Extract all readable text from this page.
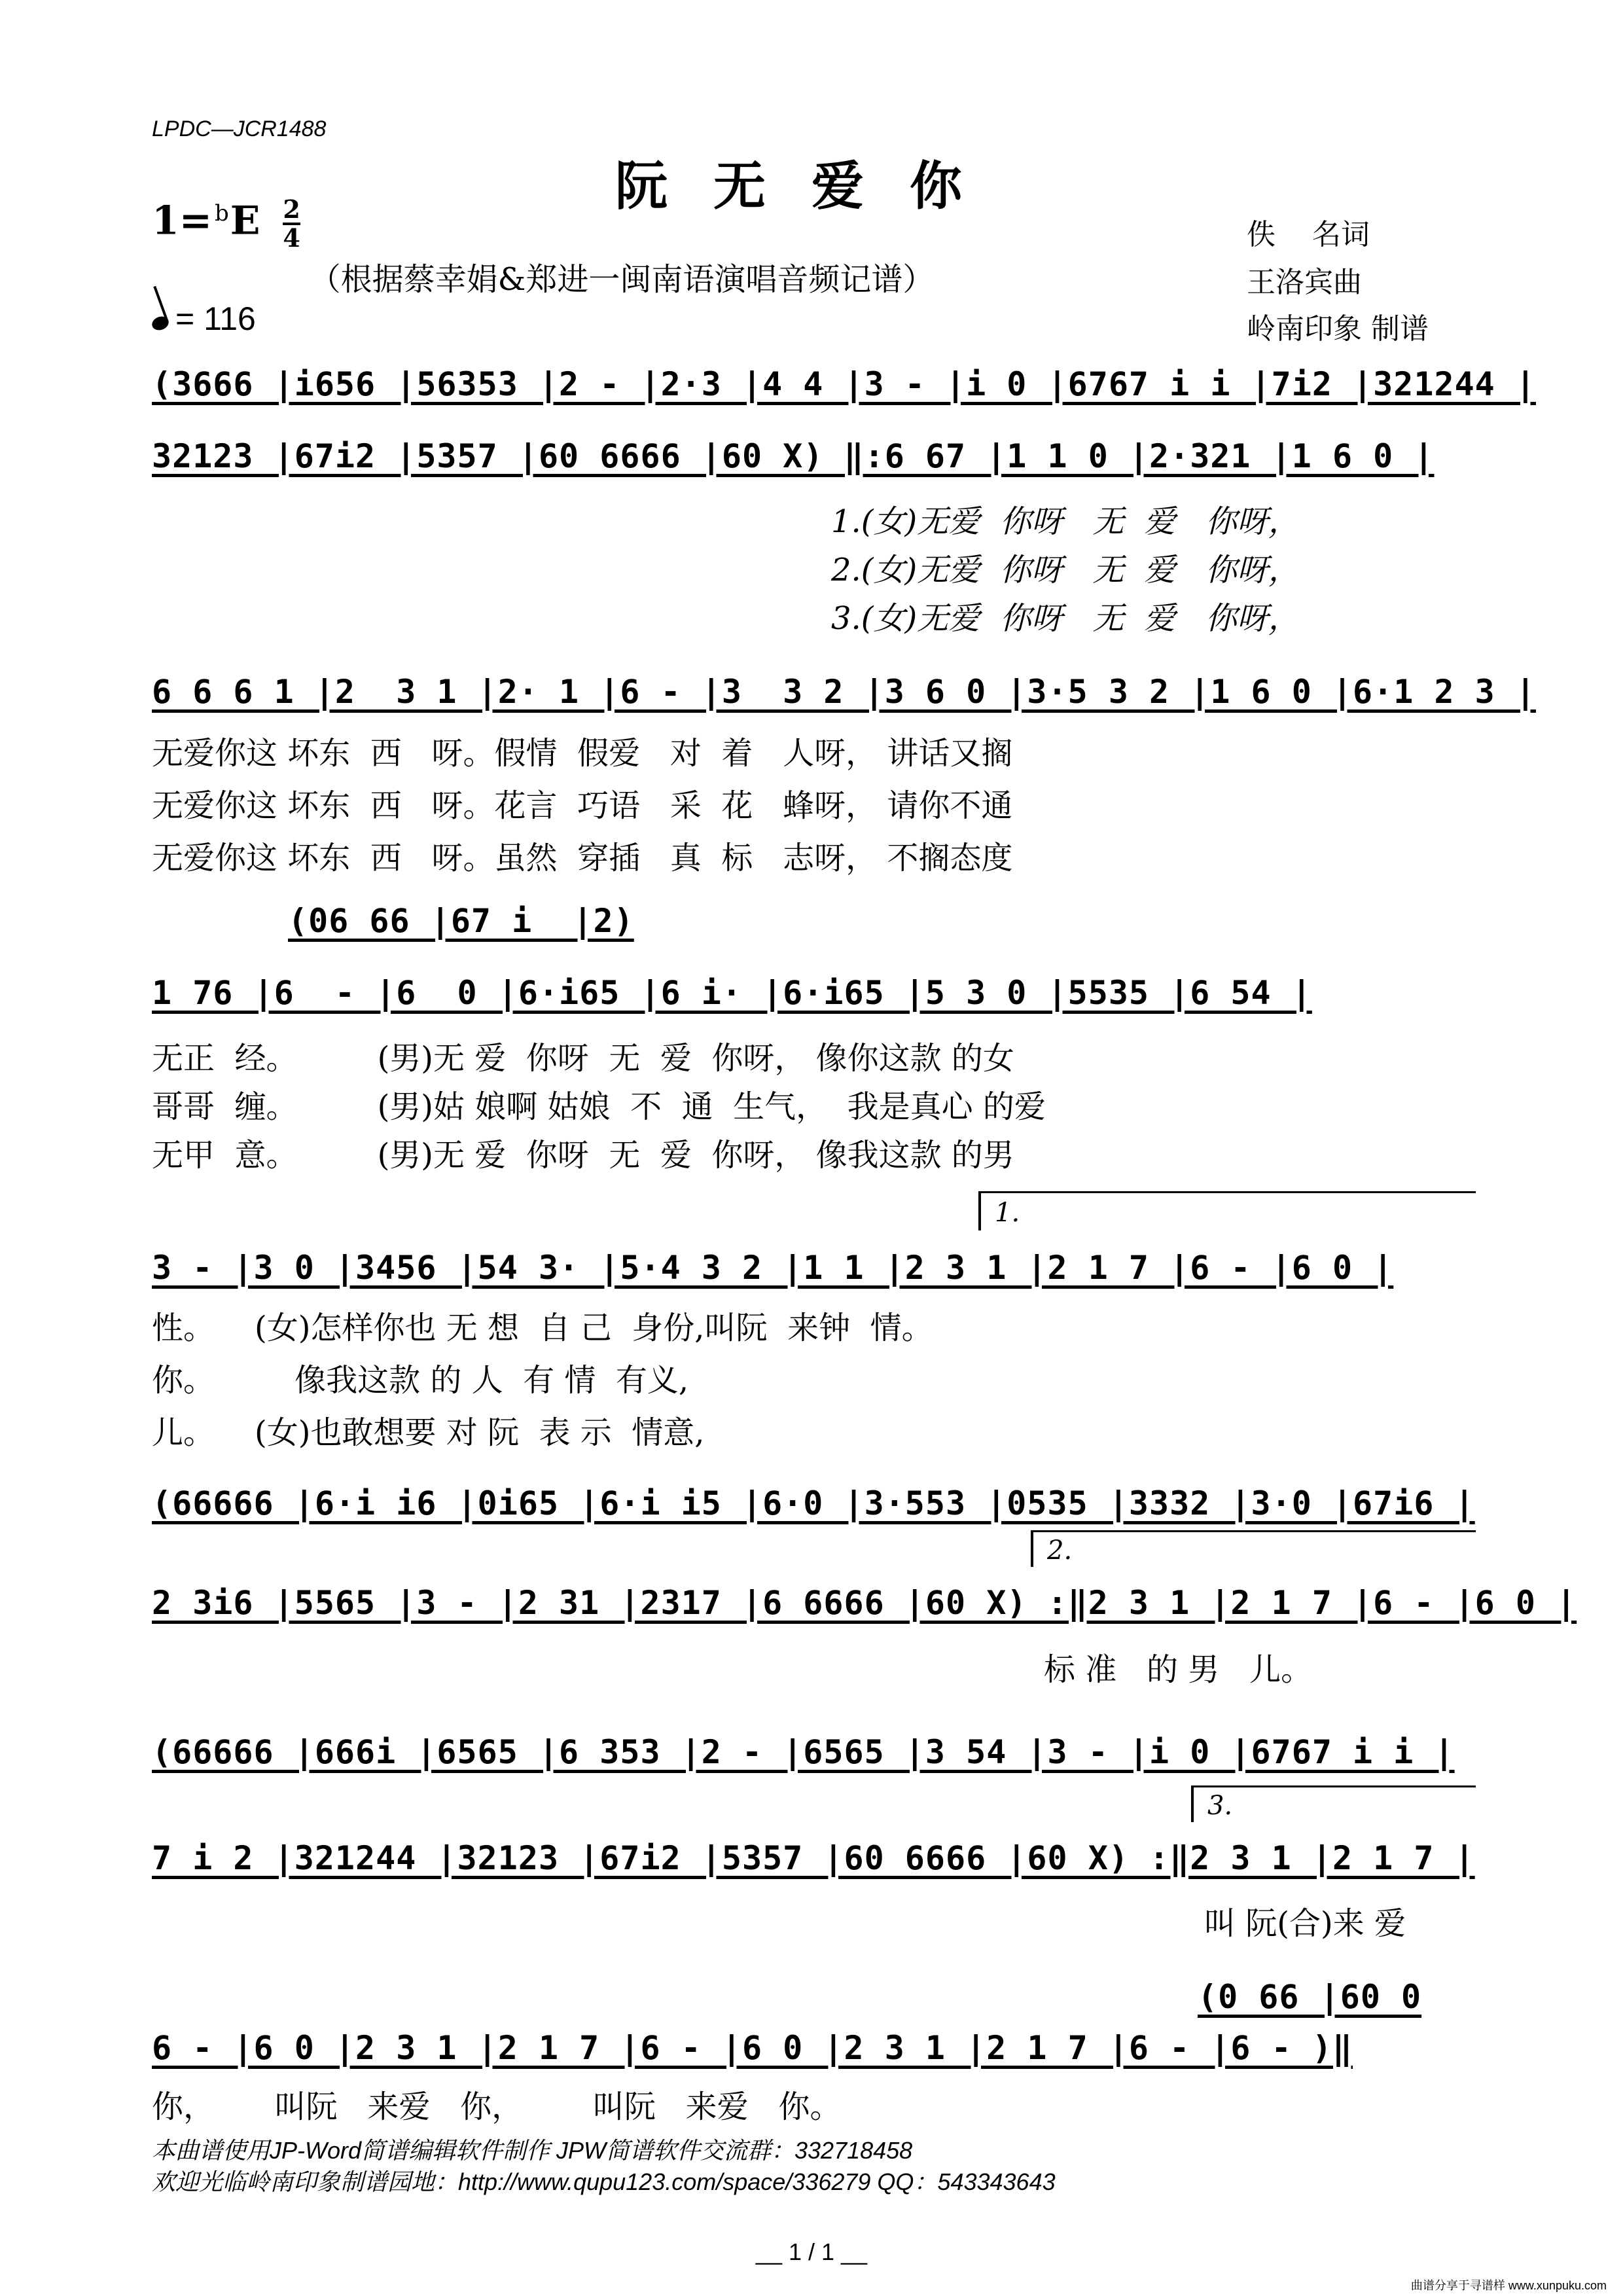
LPDC—JCR1488
阮无爱你
$1= ^bE \frac{2}{4}$
（根据蔡幸娟&郑进一闽南语演唱音频记谱）
佚    名词
王洛宾曲
岭南印象 制谱
= 116
(3666 |i656 |56353 |2 - |2·3 |4 4 |3 - |i 0 |6767 i i |7i2 |321244 |
32123 |67i2 |5357 |60 6666 |60 X) ‖:6 67 |1 1 0 |2·321 |1 6 0 |
1.(女)无爱  你呀   无  爱   你呀，
2.(女)无爱  你呀   无  爱   你呀，
3.(女)无爱  你呀   无  爱   你呀，
6 6 6 1 |2  3 1 |2· 1 |6 - |3  3 2 |3 6 0 |3·5 3 2 |1 6 0 |6·1 2 3 |
无爱你这 坏东  西   呀。假情  假爱   对  着   人呀， 讲话又搁
无爱你这 坏东  西   呀。花言  巧语   采  花   蜂呀， 请你不通
无爱你这 坏东  西   呀。虽然  穿插   真  标   志呀， 不搁态度
(06 66 |67 i  |2)
1 76 |6  - |6  0 |6·i65 |6 i· |6·i65 |5 3 0 |5535 |6 54 |
无正  经。        (男)无 爱  你呀  无  爱  你呀， 像你这款 的女
哥哥  缠。        (男)姑 娘啊 姑娘  不  通  生气，  我是真心 的爱
无甲  意。        (男)无 爱  你呀  无  爱  你呀， 像我这款 的男
1.
3 - |3 0 |3456 |54 3· |5·4 3 2 |1 1 |2 3 1 |2 1 7 |6 - |6 0 |
性。    (女)怎样你也 无 想  自 己  身份,叫阮  来钟  情。
你。        像我这款 的 人  有 情  有义,
儿。    (女)也敢想要 对 阮  表 示  情意,
(66666 |6·i i6 |0i65 |6·i i5 |6·0 |3·553 |0535 |3332 |3·0 |67i6 |
2.
2 3i6 |5565 |3 - |2 31 |2317 |6 6666 |60 X) :‖2 3 1 |2 1 7 |6 - |6 0 |
标 准   的 男   儿。
(66666 |666i |6565 |6 353 |2 - |6565 |3 54 |3 - |i 0 |6767 i i |
3.
7 i 2 |321244 |32123 |67i2 |5357 |60 6666 |60 X) :‖2 3 1 |2 1 7 |
叫 阮(合)来 爱
(0 66 |60 0
6 - |6 0 |2 3 1 |2 1 7 |6 - |6 0 |2 3 1 |2 1 7 |6 - |6 - )‖
你，      叫阮   来爱   你，       叫阮   来爱   你。
本曲谱使用JP-Word简谱编辑软件制作 JPW简谱软件交流群：332718458
欢迎光临岭南印象制谱园地：http://www.qupu123.com/space/336279 QQ：543343643
__ 1 / 1 __
曲谱分享于寻谱样 www.xunpuku.com
